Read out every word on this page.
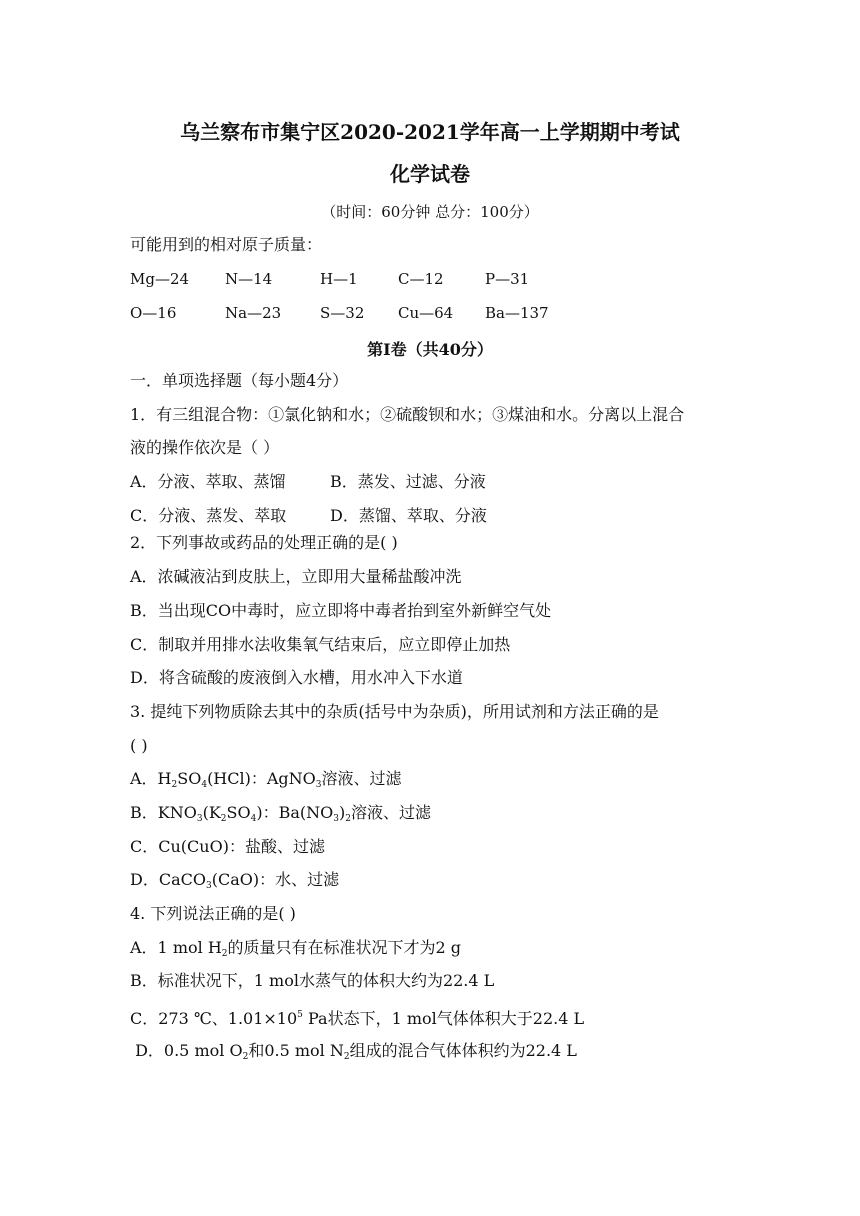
乌兰察布市集宁区2020-2021学年高一上学期期中考试
化学试卷
（时间：60分钟 总分：100分）
可能用到的相对原子质量：
Mg—24 N—14	H—1	C—12	P—31
O—16	Na—23	S—32 Cu—64 Ba—137
第Ⅰ卷（共40分）
一．单项选择题（每小题4分）
1．有三组混合物：①氯化钠和水；②硫酸钡和水；③煤油和水。分离以上混合
液的操作依次是（ ）
A．分液、萃取、蒸馏	B．蒸发、过滤、分液
C．分液、蒸发、萃取	D．蒸馏、萃取、分液
2．下列事故或药品的处理正确的是( )
A．浓碱液沾到皮肤上，立即用大量稀盐酸冲洗
B．当出现CO中毒时，应立即将中毒者抬到室外新鲜空气处
C．制取并用排水法收集氧气结束后，应立即停止加热
D．将含硫酸的废液倒入水槽，用水冲入下水道
3. 提纯下列物质除去其中的杂质(括号中为杂质)，所用试剂和方法正确的是
( )
A．$H_2SO_4(HCl)$：AgNO$_3$溶液、过滤
B．$KNO_3(K_2SO_4)$：$Ba(NO_3)_2$溶液、过滤
C．Cu(CuO)：盐酸、过滤
D．CaCO$_3$(CaO)：水、过滤
4. 下列说法正确的是( )
A．1 mol $H_2$的质量只有在标准状况下才为2 g
B．标准状况下，1 mol水蒸气的体积大约为22.4 L
C．273 ℃、$1.01\times 10^5$ Pa状态下，1 mol气体体积大于22.4 L
D．0.5 mol $O_2$和0.5 mol $N_2$组成的混合气体体积约为22.4 L
